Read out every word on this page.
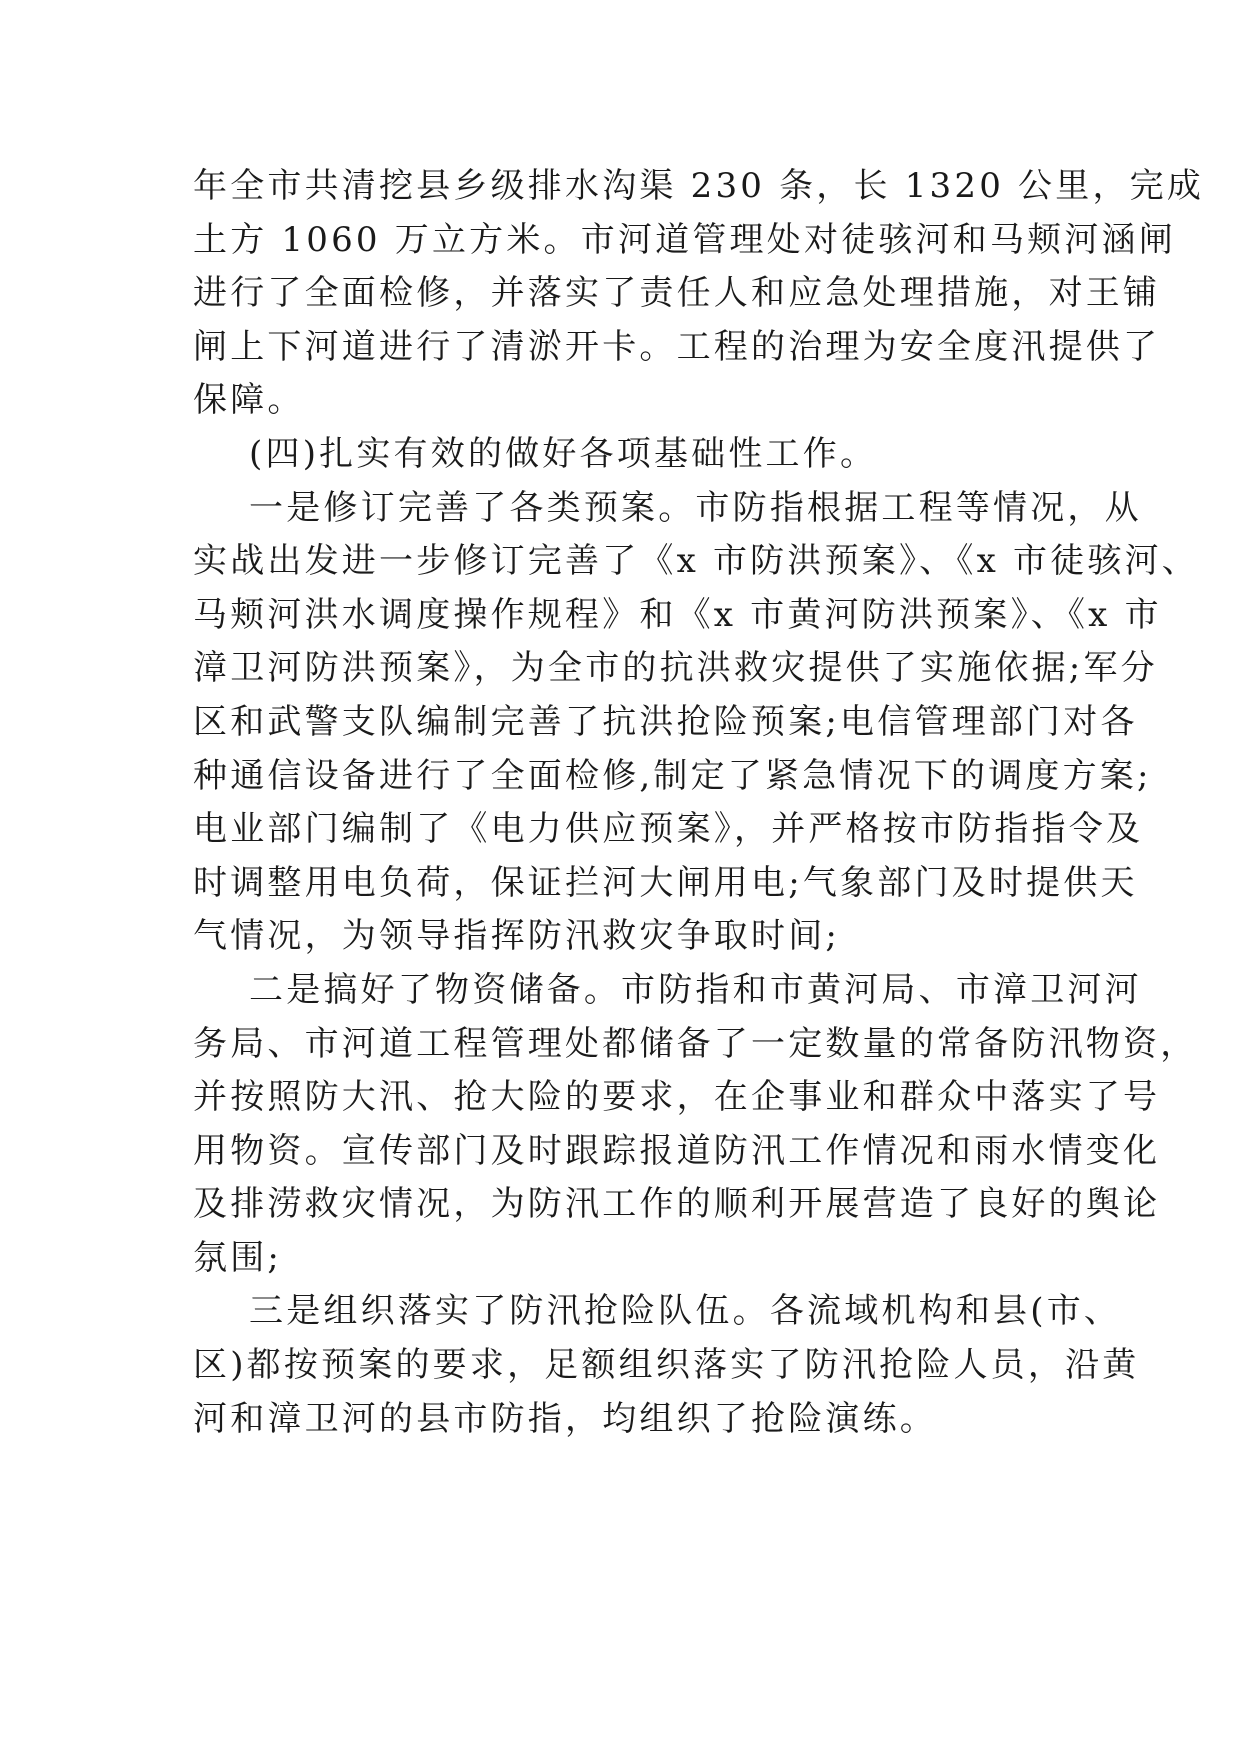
年全市共清挖县乡级排水沟渠 230 条，长 1320 公里，完成
土方 1060 万立方米。市河道管理处对徒骇河和马颊河涵闸
进行了全面检修，并落实了责任人和应急处理措施，对王铺
闸上下河道进行了清淤开卡。工程的治理为安全度汛提供了
保障。
(四)扎实有效的做好各项基础性工作。
一是修订完善了各类预案。市防指根据工程等情况，从
实战出发进一步修订完善了《x 市防洪预案》、《x 市徒骇河、
马颊河洪水调度操作规程》和《x 市黄河防洪预案》、《x 市
漳卫河防洪预案》，为全市的抗洪救灾提供了实施依据;军分
区和武警支队编制完善了抗洪抢险预案;电信管理部门对各
种通信设备进行了全面检修,制定了紧急情况下的调度方案;
电业部门编制了《电力供应预案》，并严格按市防指指令及
时调整用电负荷，保证拦河大闸用电;气象部门及时提供天
气情况，为领导指挥防汛救灾争取时间;
二是搞好了物资储备。市防指和市黄河局、市漳卫河河
务局、市河道工程管理处都储备了一定数量的常备防汛物资，
并按照防大汛、抢大险的要求，在企事业和群众中落实了号
用物资。宣传部门及时跟踪报道防汛工作情况和雨水情变化
及排涝救灾情况，为防汛工作的顺利开展营造了良好的舆论
氛围;
三是组织落实了防汛抢险队伍。各流域机构和县(市、
区)都按预案的要求，足额组织落实了防汛抢险人员，沿黄
河和漳卫河的县市防指，均组织了抢险演练。
